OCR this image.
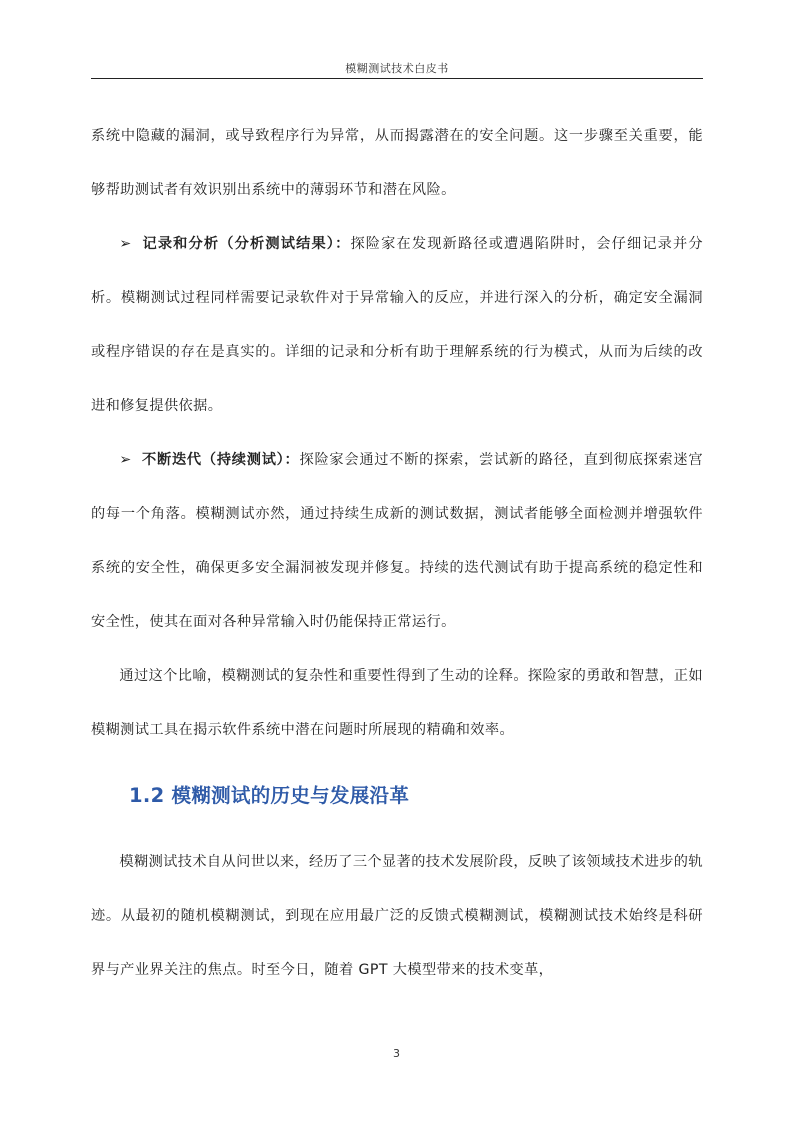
模糊测试技术白皮书

系统中隐藏的漏洞，或导致程序行为异常，从而揭露潜在的安全问题。这一步骤至关重要，能够帮助测试者有效识别出系统中的薄弱环节和潜在风险。

➢ 记录和分析（分析测试结果）：探险家在发现新路径或遭遇陷阱时，会仔细记录并分析。模糊测试过程同样需要记录软件对于异常输入的反应，并进行深入的分析，确定安全漏洞或程序错误的存在是真实的。详细的记录和分析有助于理解系统的行为模式，从而为后续的改进和修复提供依据。

➢ 不断迭代（持续测试）：探险家会通过不断的探索，尝试新的路径，直到彻底探索迷宫的每一个角落。模糊测试亦然，通过持续生成新的测试数据，测试者能够全面检测并增强软件系统的安全性，确保更多安全漏洞被发现并修复。持续的迭代测试有助于提高系统的稳定性和安全性，使其在面对各种异常输入时仍能保持正常运行。

通过这个比喻，模糊测试的复杂性和重要性得到了生动的诠释。探险家的勇敢和智慧，正如模糊测试工具在揭示软件系统中潜在问题时所展现的精确和效率。

1.2 模糊测试的历史与发展沿革

模糊测试技术自从问世以来，经历了三个显著的技术发展阶段，反映了该领域技术进步的轨迹。从最初的随机模糊测试，到现在应用最广泛的反馈式模糊测试，模糊测试技术始终是科研界与产业界关注的焦点。时至今日，随着 GPT 大模型带来的技术变革，

3
